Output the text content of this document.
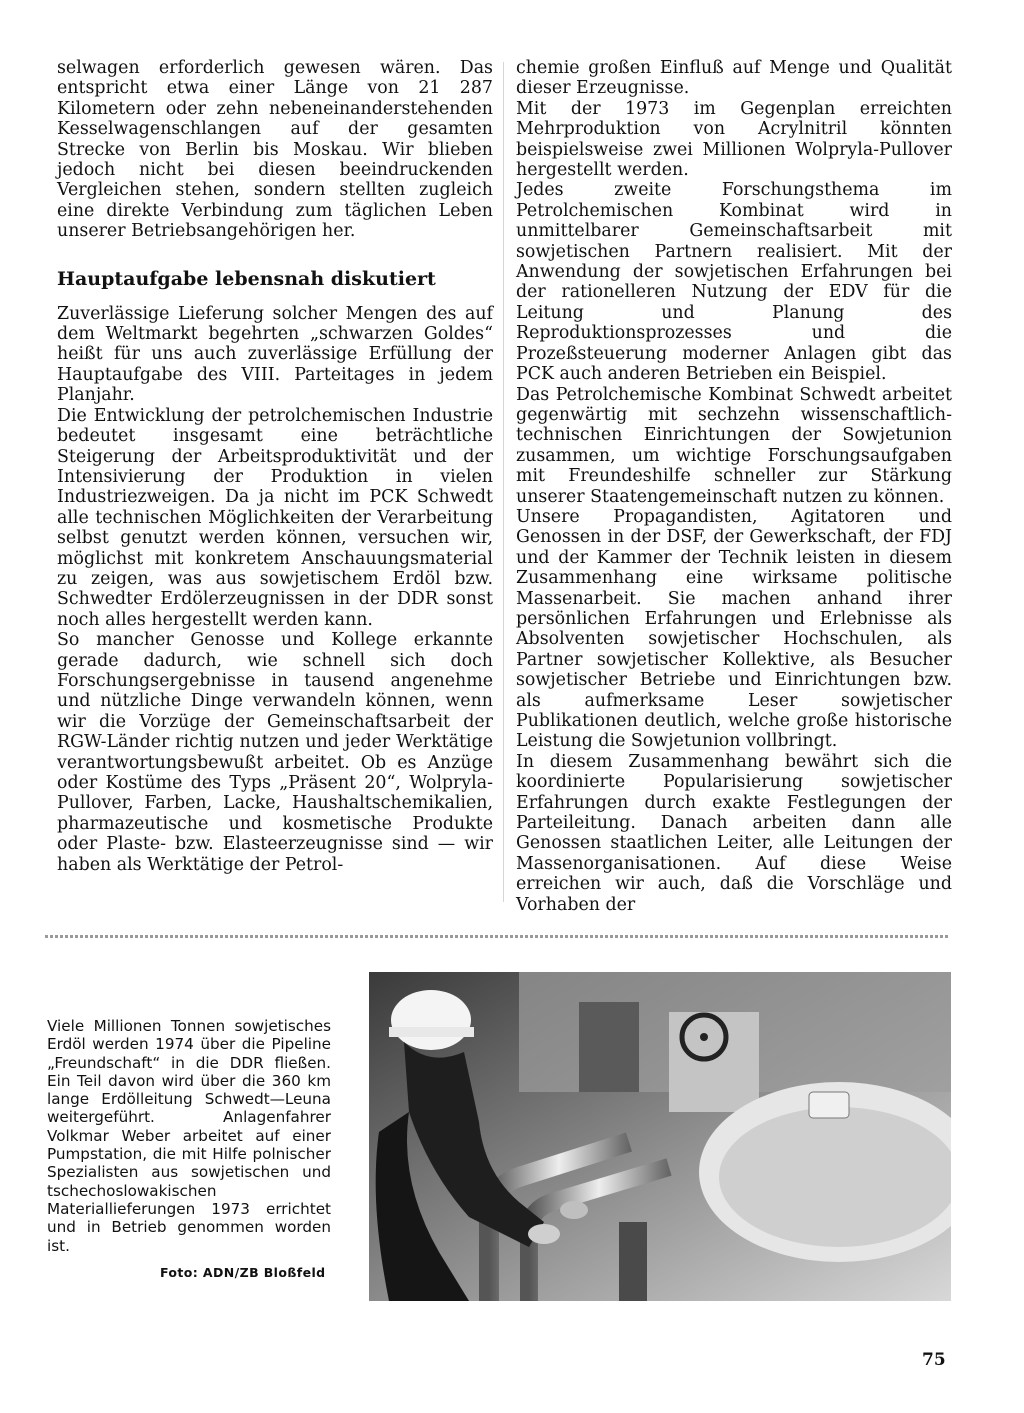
selwagen erforderlich gewesen wären. Das entspricht etwa einer Länge von 21 287 Kilometern oder zehn nebeneinanderstehenden Kesselwagenschlangen auf der gesamten Strecke von Berlin bis Moskau. Wir blieben jedoch nicht bei diesen beeindruckenden Vergleichen stehen, sondern stellten zugleich eine direkte Verbindung zum täglichen Leben unserer Betriebsangehörigen her.

Hauptaufgabe lebensnah diskutiert

Zuverlässige Lieferung solcher Mengen des auf dem Weltmarkt begehrten „schwarzen Goldes“ heißt für uns auch zuverlässige Erfüllung der Hauptaufgabe des VIII. Parteitages in jedem Planjahr.

Die Entwicklung der petrolchemischen Industrie bedeutet insgesamt eine beträchtliche Steigerung der Arbeitsproduktivität und der Intensivierung der Produktion in vielen Industriezweigen. Da ja nicht im PCK Schwedt alle technischen Möglichkeiten der Verarbeitung selbst genutzt werden können, versuchen wir, möglichst mit konkretem Anschauungsmaterial zu zeigen, was aus sowjetischem Erdöl bzw. Schwedter Erdölerzeugnissen in der DDR sonst noch alles hergestellt werden kann.

So mancher Genosse und Kollege erkannte gerade dadurch, wie schnell sich doch Forschungsergebnisse in tausend angenehme und nützliche Dinge verwandeln können, wenn wir die Vorzüge der Gemeinschaftsarbeit der RGW-Länder richtig nutzen und jeder Werktätige verantwortungsbewußt arbeitet. Ob es Anzüge oder Kostüme des Typs „Präsent 20“, Wolpryla-Pullover, Farben, Lacke, Haushaltschemikalien, pharmazeutische und kosmetische Produkte oder Plaste- bzw. Elasteerzeugnisse sind — wir haben als Werktätige der Petrol-

chemie großen Einfluß auf Menge und Qualität dieser Erzeugnisse.

Mit der 1973 im Gegenplan erreichten Mehrproduktion von Acrylnitril könnten beispielsweise zwei Millionen Wolpryla-Pullover hergestellt werden.

Jedes zweite Forschungsthema im Petrolchemischen Kombinat wird in unmittelbarer Gemeinschaftsarbeit mit sowjetischen Partnern realisiert. Mit der Anwendung der sowjetischen Erfahrungen bei der rationelleren Nutzung der EDV für die Leitung und Planung des Reproduktionsprozesses und die Prozeßsteuerung moderner Anlagen gibt das PCK auch anderen Betrieben ein Beispiel.

Das Petrolchemische Kombinat Schwedt arbeitet gegenwärtig mit sechzehn wissenschaftlich-technischen Einrichtungen der Sowjetunion zusammen, um wichtige Forschungsaufgaben mit Freundeshilfe schneller zur Stärkung unserer Staatengemeinschaft nutzen zu können.

Unsere Propagandisten, Agitatoren und Genossen in der DSF, der Gewerkschaft, der FDJ und der Kammer der Technik leisten in diesem Zusammenhang eine wirksame politische Massenarbeit. Sie machen anhand ihrer persönlichen Erfahrungen und Erlebnisse als Absolventen sowjetischer Hochschulen, als Partner sowjetischer Kollektive, als Besucher sowjetischer Betriebe und Einrichtungen bzw. als aufmerksame Leser sowjetischer Publikationen deutlich, welche große historische Leistung die Sowjetunion vollbringt.

In diesem Zusammenhang bewährt sich die koordinierte Popularisierung sowjetischer Erfahrungen durch exakte Festlegungen der Parteileitung. Danach arbeiten dann alle Genossen staatlichen Leiter, alle Leitungen der Massenorganisationen. Auf diese Weise erreichen wir auch, daß die Vorschläge und Vorhaben der

Viele Millionen Tonnen sowjetisches Erdöl werden 1974 über die Pipeline „Freundschaft“ in die DDR fließen. Ein Teil davon wird über die 360 km lange Erdölleitung Schwedt—Leuna weitergeführt. Anlagenfahrer Volkmar Weber arbeitet auf einer Pumpstation, die mit Hilfe polnischer Spezialisten aus sowjetischen und tschechoslowakischen Materiallieferungen 1973 errichtet und in Betrieb genommen worden ist.
Foto: ADN/ZB Bloßfeld
75
